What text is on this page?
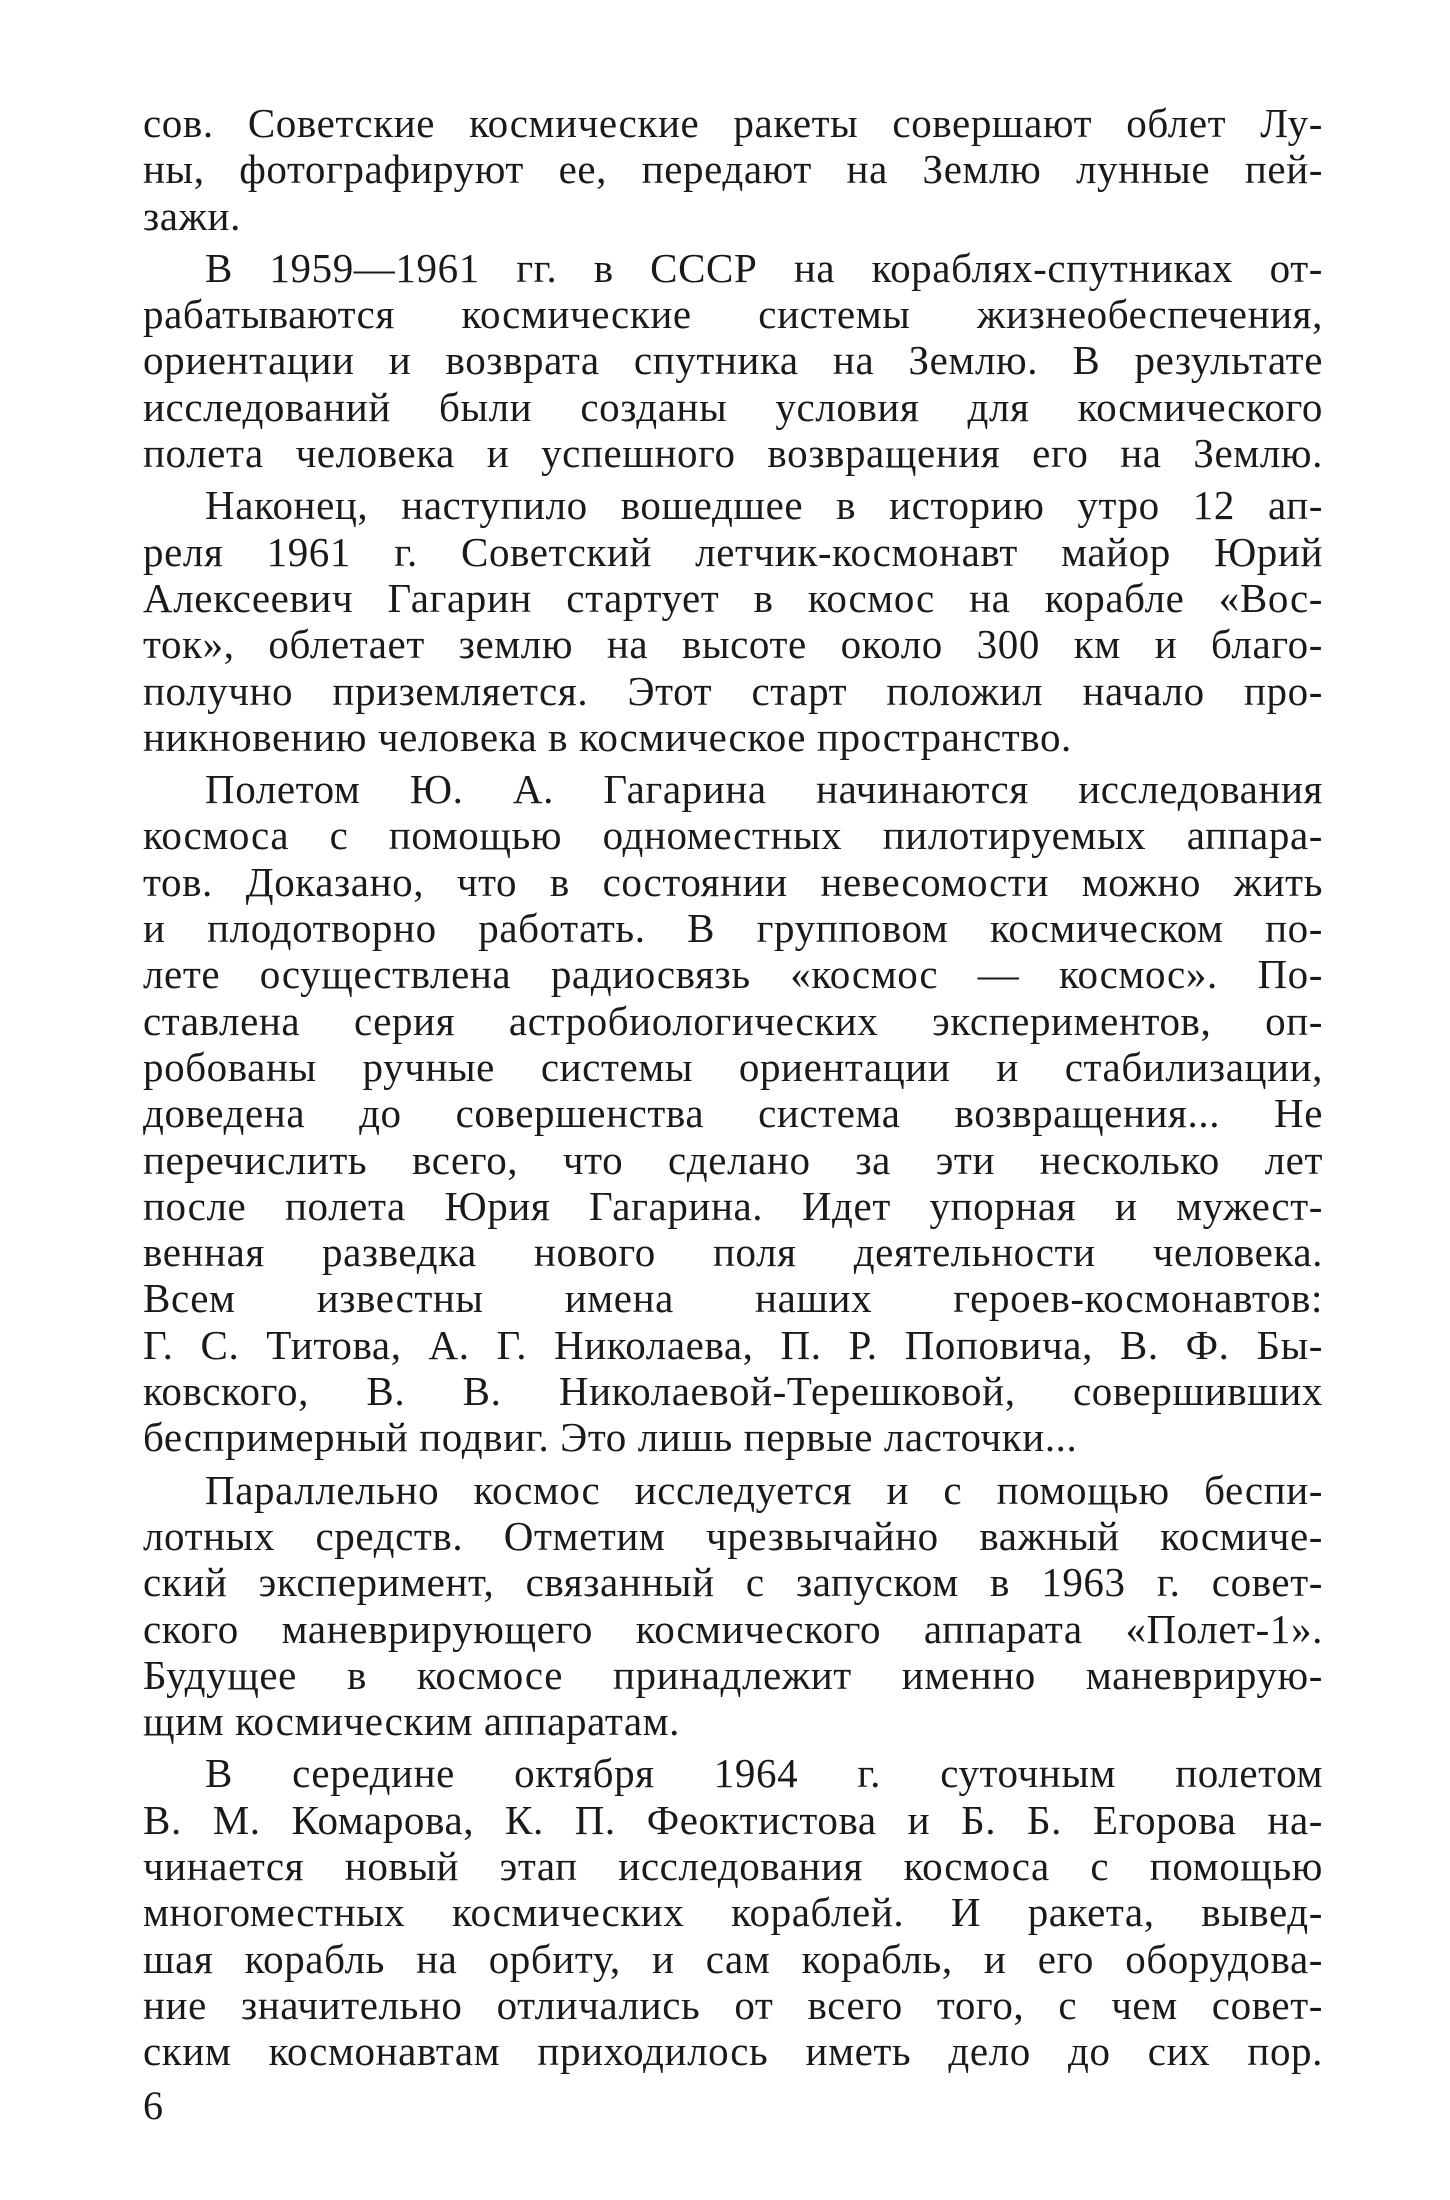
сов. Советские космические ракеты совершают облет Лу-
ны, фотографируют ее, передают на Землю лунные пей-
зажи.
В 1959—1961 гг. в СССР на кораблях-спутниках от-
рабатываются космические системы жизнеобеспечения,
ориентации и возврата спутника на Землю. В результате
исследований были созданы условия для космического
полета человека и успешного возвращения его на Землю.
Наконец, наступило вошедшее в историю утро 12 ап-
реля 1961 г. Советский летчик-космонавт майор Юрий
Алексеевич Гагарин стартует в космос на корабле «Вос-
ток», облетает землю на высоте около 300 км и благо-
получно приземляется. Этот старт положил начало про-
никновению человека в космическое пространство.
Полетом Ю. А. Гагарина начинаются исследования
космоса с помощью одноместных пилотируемых аппара-
тов. Доказано, что в состоянии невесомости можно жить
и плодотворно работать. В групповом космическом по-
лете осуществлена радиосвязь «космос — космос». По-
ставлена серия астробиологических экспериментов, оп-
робованы ручные системы ориентации и стабилизации,
доведена до совершенства система возвращения... Не
перечислить всего, что сделано за эти несколько лет
после полета Юрия Гагарина. Идет упорная и мужест-
венная разведка нового поля деятельности человека.
Всем известны имена наших героев-космонавтов:
Г. С. Титова, А. Г. Николаева, П. Р. Поповича, В. Ф. Бы-
ковского, В. В. Николаевой-Терешковой, совершивших
беспримерный подвиг. Это лишь первые ласточки...
Параллельно космос исследуется и с помощью беспи-
лотных средств. Отметим чрезвычайно важный космиче-
ский эксперимент, связанный с запуском в 1963 г. совет-
ского маневрирующего космического аппарата «Полет-1».
Будущее в космосе принадлежит именно маневрирую-
щим космическим аппаратам.
В середине октября 1964 г. суточным полетом
В. М. Комарова, К. П. Феоктистова и Б. Б. Егорова на-
чинается новый этап исследования космоса с помощью
многоместных космических кораблей. И ракета, вывед-
шая корабль на орбиту, и сам корабль, и его оборудова-
ние значительно отличались от всего того, с чем совет-
ским космонавтам приходилось иметь дело до сих пор.
6
